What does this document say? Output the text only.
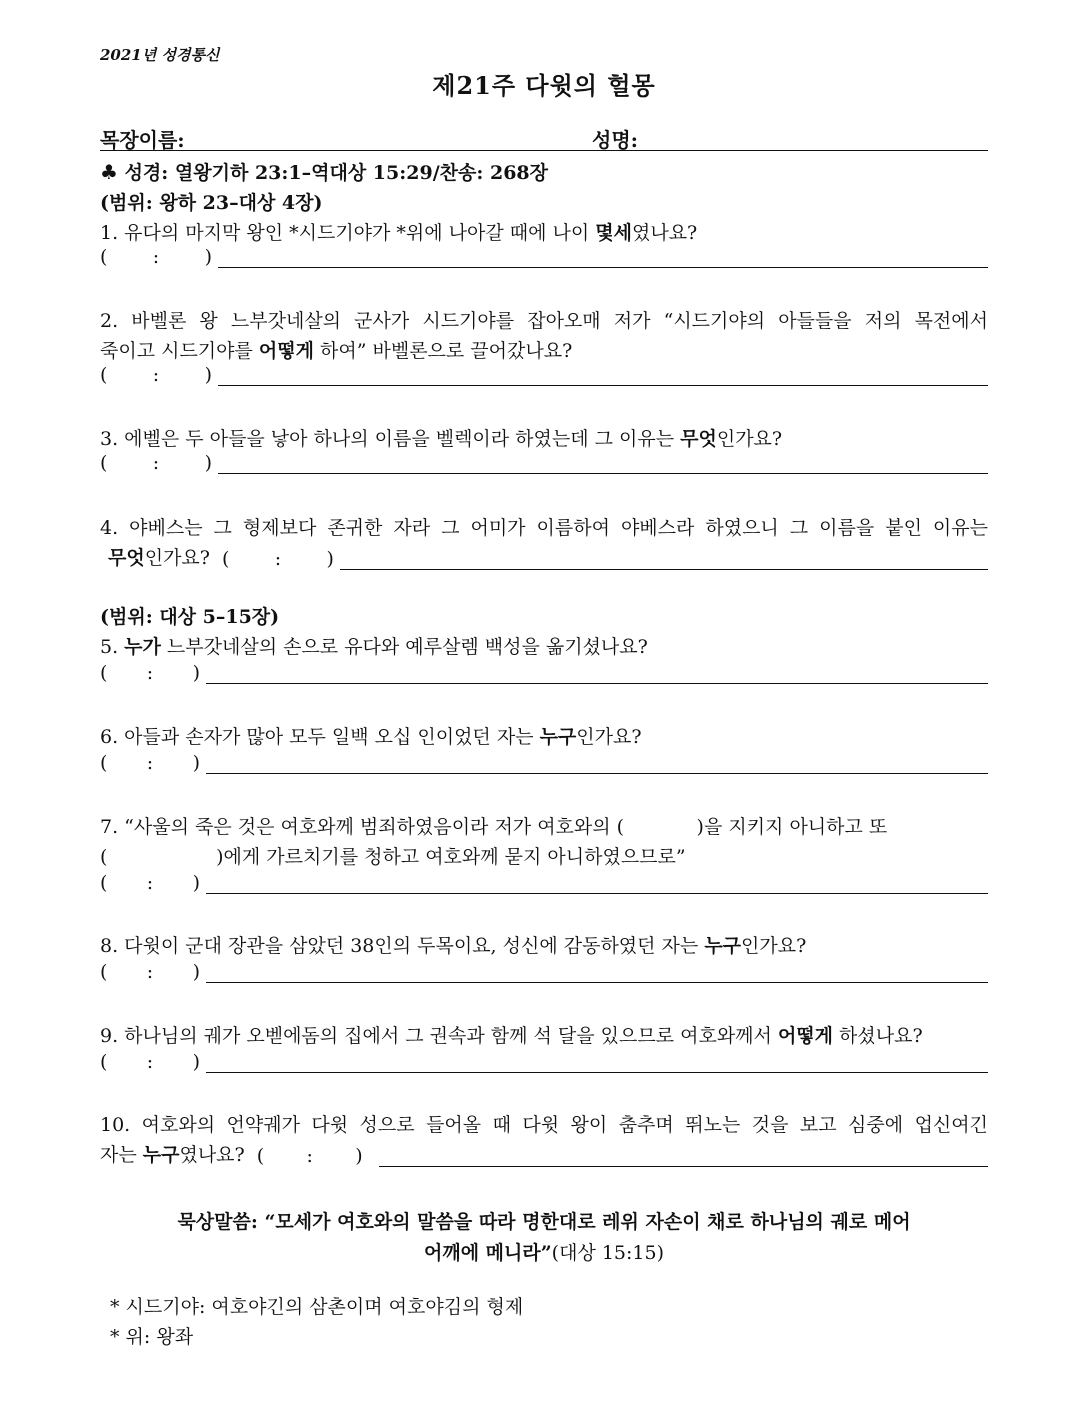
2021년 성경통신
제21주 다윗의 헐몽
목장이름:	성명:
♣ 성경: 열왕기하 23:1–역대상 15:29/찬송: 268장
(범위: 왕하 23–대상 4장)
1. 유다의 마지막 왕인 *시드기야가 *위에 나아갈 때에 나이 몇세였나요?
( : )
2. 바벨론 왕 느부갓네살의 군사가 시드기야를 잡아오매 저가 “시드기야의 아들들을 저의 목전에서
죽이고 시드기야를 어떻게 하여” 바벨론으로 끌어갔나요?
( : )
3. 에벨은 두 아들을 낳아 하나의 이름을 벨렉이라 하였는데 그 이유는 무엇인가요?
( : )
4. 야베스는 그 형제보다 존귀한 자라 그 어미가 이름하여 야베스라 하였으니 그 이름을 붙인 이유는
무엇인가요? ( : )
(범위: 대상 5–15장)
5. 누가 느부갓네살의 손으로 유다와 예루살렘 백성을 옮기셨나요?
( : )
6. 아들과 손자가 많아 모두 일백 오십 인이었던 자는 누구인가요?
( : )
7. “사울의 죽은 것은 여호와께 범죄하였음이라 저가 여호와의 (            )을 지키지 아니하고 또
(                  )에게 가르치기를 청하고 여호와께 묻지 아니하였으므로”
( : )
8. 다윗이 군대 장관을 삼았던 38인의 두목이요, 성신에 감동하였던 자는 누구인가요?
( : )
9. 하나님의 궤가 오벧에돔의 집에서 그 권속과 함께 석 달을 있으므로 여호와께서 어떻게 하셨나요?
( : )
10. 여호와의 언약궤가 다윗 성으로 들어올 때 다윗 왕이 춤추며 뛰노는 것을 보고 심중에 업신여긴
자는 누구였나요? ( : )
묵상말씀: “모세가 여호와의 말씀을 따라 명한대로 레위 자손이 채로 하나님의 궤로 메어
어깨에 메니라”(대상 15:15)
* 시드기야: 여호야긴의 삼촌이며 여호야김의 형제
* 위: 왕좌
